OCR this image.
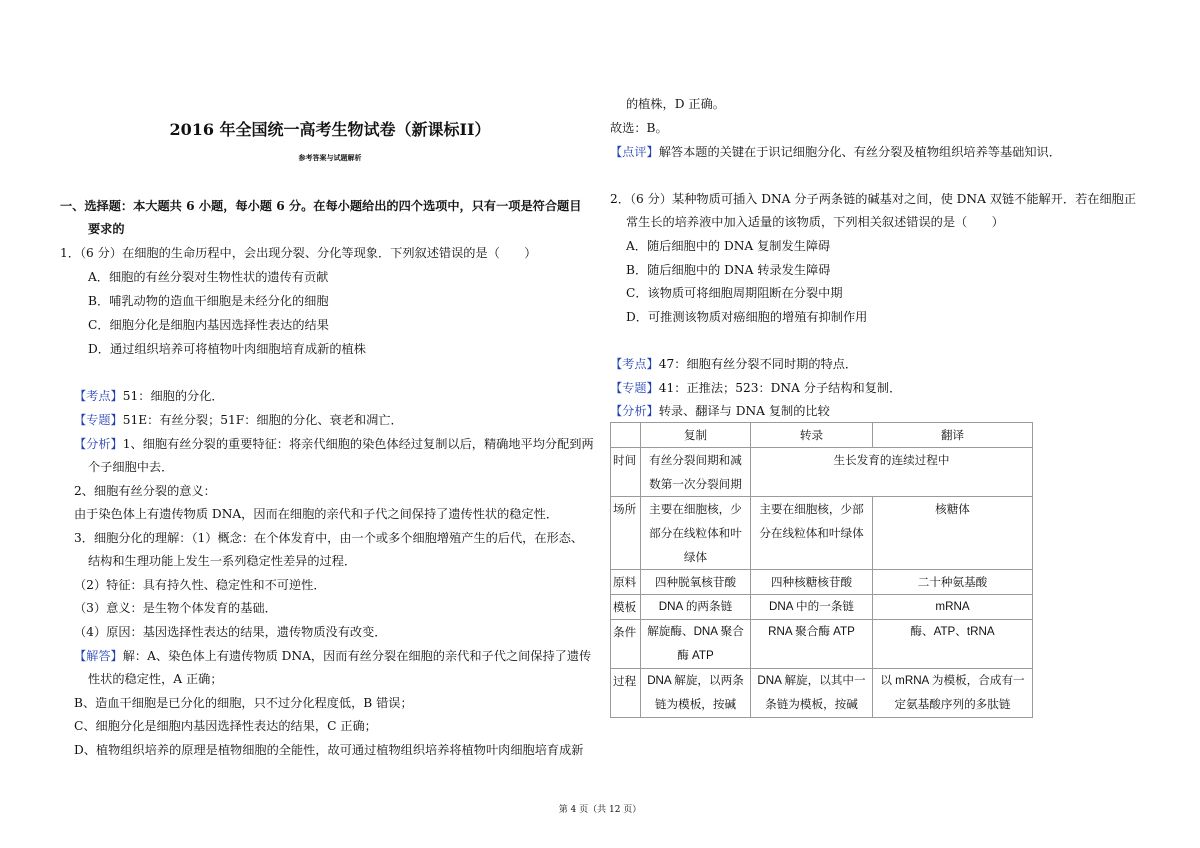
2016 年全国统一高考生物试卷（新课标II）
参考答案与试题解析
一、选择题：本大题共 6 小题，每小题 6 分。在每小题给出的四个选项中，只有一项是符合题目
要求的
1．（6 分）在细胞的生命历程中，会出现分裂、分化等现象．下列叙述错误的是（　　）
A．细胞的有丝分裂对生物性状的遗传有贡献
B．哺乳动物的造血干细胞是未经分化的细胞
C．细胞分化是细胞内基因选择性表达的结果
D．通过组织培养可将植物叶肉细胞培育成新的植株
【考点】51：细胞的分化．
【专题】51E：有丝分裂；51F：细胞的分化、衰老和凋亡．
【分析】1、细胞有丝分裂的重要特征：将亲代细胞的染色体经过复制以后，精确地平均分配到两
个子细胞中去．
2、细胞有丝分裂的意义：
由于染色体上有遗传物质 DNA，因而在细胞的亲代和子代之间保持了遗传性状的稳定性．
3．细胞分化的理解：（1）概念：在个体发育中，由一个或多个细胞增殖产生的后代，在形态、
结构和生理功能上发生一系列稳定性差异的过程．
（2）特征：具有持久性、稳定性和不可逆性．
（3）意义：是生物个体发育的基础．
（4）原因：基因选择性表达的结果，遗传物质没有改变．
【解答】解：A、染色体上有遗传物质 DNA，因而有丝分裂在细胞的亲代和子代之间保持了遗传
性状的稳定性，A 正确；
B、造血干细胞是已分化的细胞，只不过分化程度低，B 错误；
C、细胞分化是细胞内基因选择性表达的结果，C 正确；
D、植物组织培养的原理是植物细胞的全能性，故可通过植物组织培养将植物叶肉细胞培育成新
的植株，D 正确。
故选：B。
【点评】解答本题的关键在于识记细胞分化、有丝分裂及植物组织培养等基础知识．
2．（6 分）某种物质可插入 DNA 分子两条链的碱基对之间，使 DNA 双链不能解开．若在细胞正
常生长的培养液中加入适量的该物质，下列相关叙述错误的是（　　）
A．随后细胞中的 DNA 复制发生障碍
B．随后细胞中的 DNA 转录发生障碍
C．该物质可将细胞周期阻断在分裂中期
D．可推测该物质对癌细胞的增殖有抑制作用
【考点】47：细胞有丝分裂不同时期的特点．
【专题】41：正推法；523：DNA 分子结构和复制．
【分析】转录、翻译与 DNA 复制的比较
	复制	转录	翻译
时间	有丝分裂间期和减数第一次分裂间期	生长发育的连续过程中	
场所	主要在细胞核，少部分在线粒体和叶绿体	主要在细胞核，少部分在线粒体和叶绿体	核糖体
原料	四种脱氧核苷酸	四种核糖核苷酸	二十种氨基酸
模板	DNA 的两条链	DNA 中的一条链	mRNA
条件	解旋酶、DNA 聚合酶 ATP	RNA 聚合酶 ATP	酶、ATP、tRNA
过程	DNA 解旋，以两条链为模板，按碱	DNA 解旋，以其中一条链为模板，按碱	以 mRNA 为模板，合成有一定氨基酸序列的多肽链
第 4 页（共 12 页）
